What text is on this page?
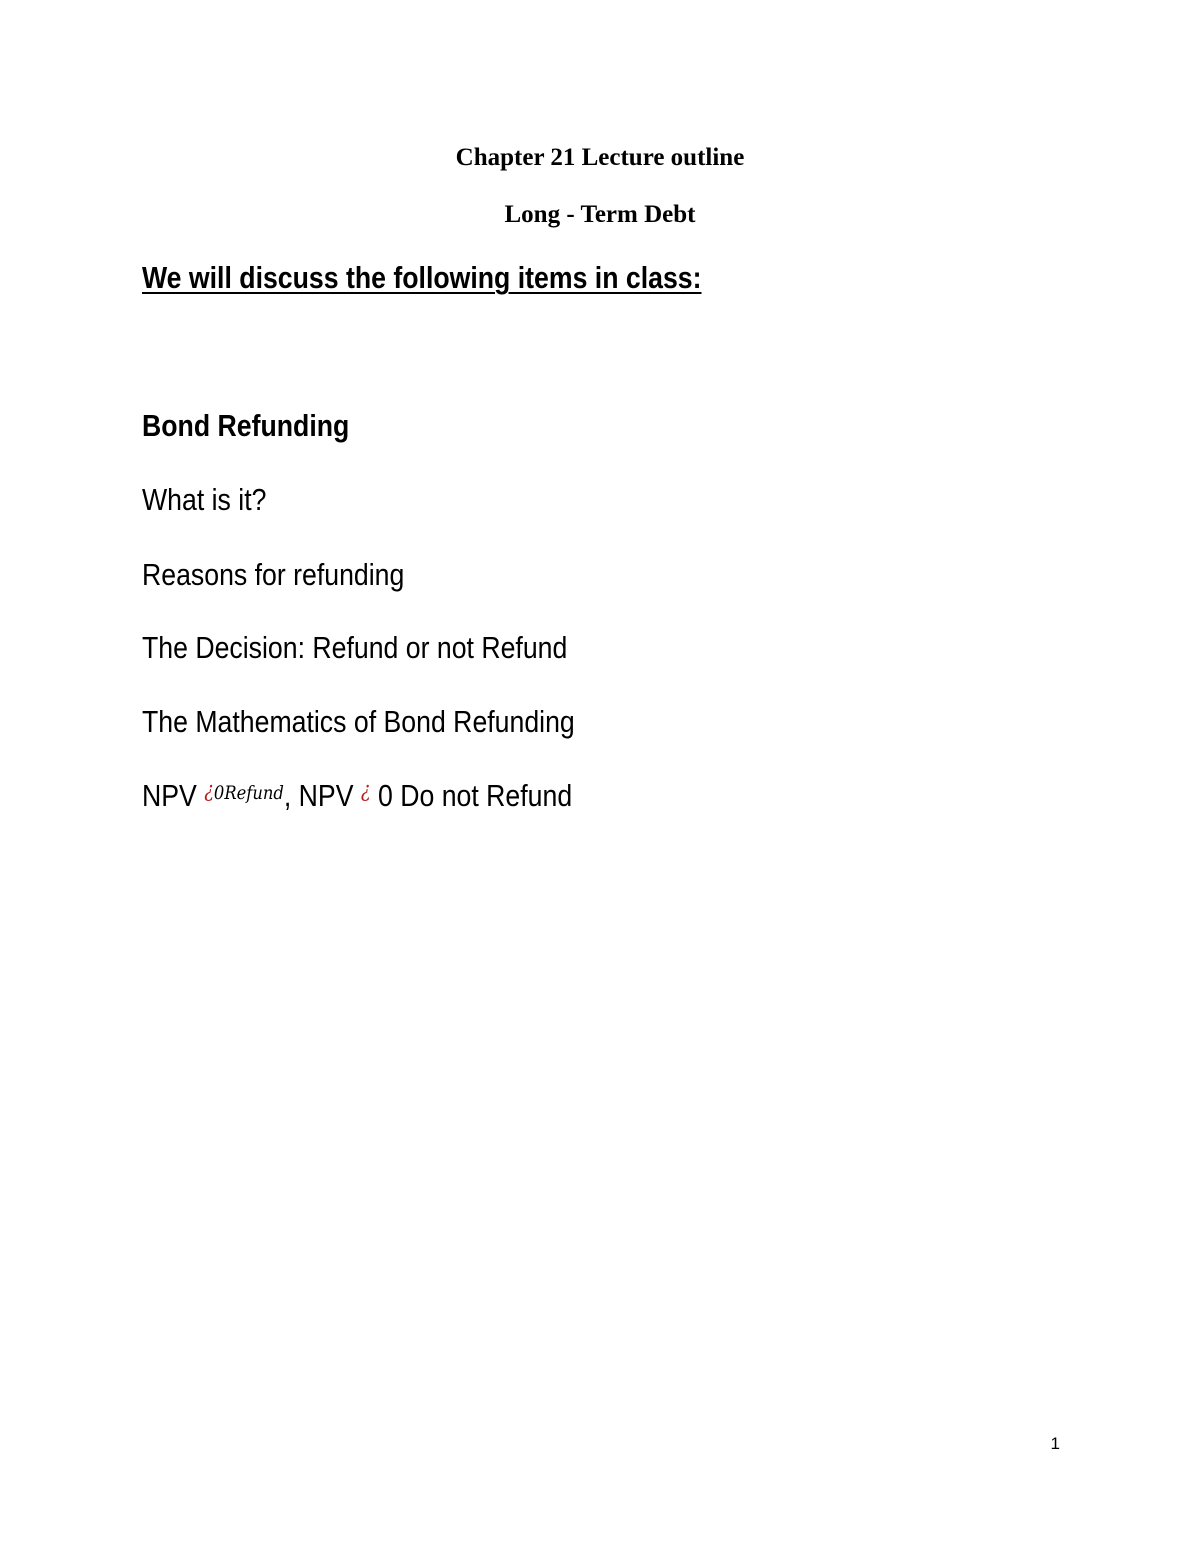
Chapter 21 Lecture outline
Long - Term Debt

We will discuss the following items in class:

Bond Refunding

What is it?

Reasons for refunding

The Decision: Refund or not Refund

The Mathematics of Bond Refunding

NPV $^{¿0Refund}$, NPV ¿ 0 Do not Refund

1
